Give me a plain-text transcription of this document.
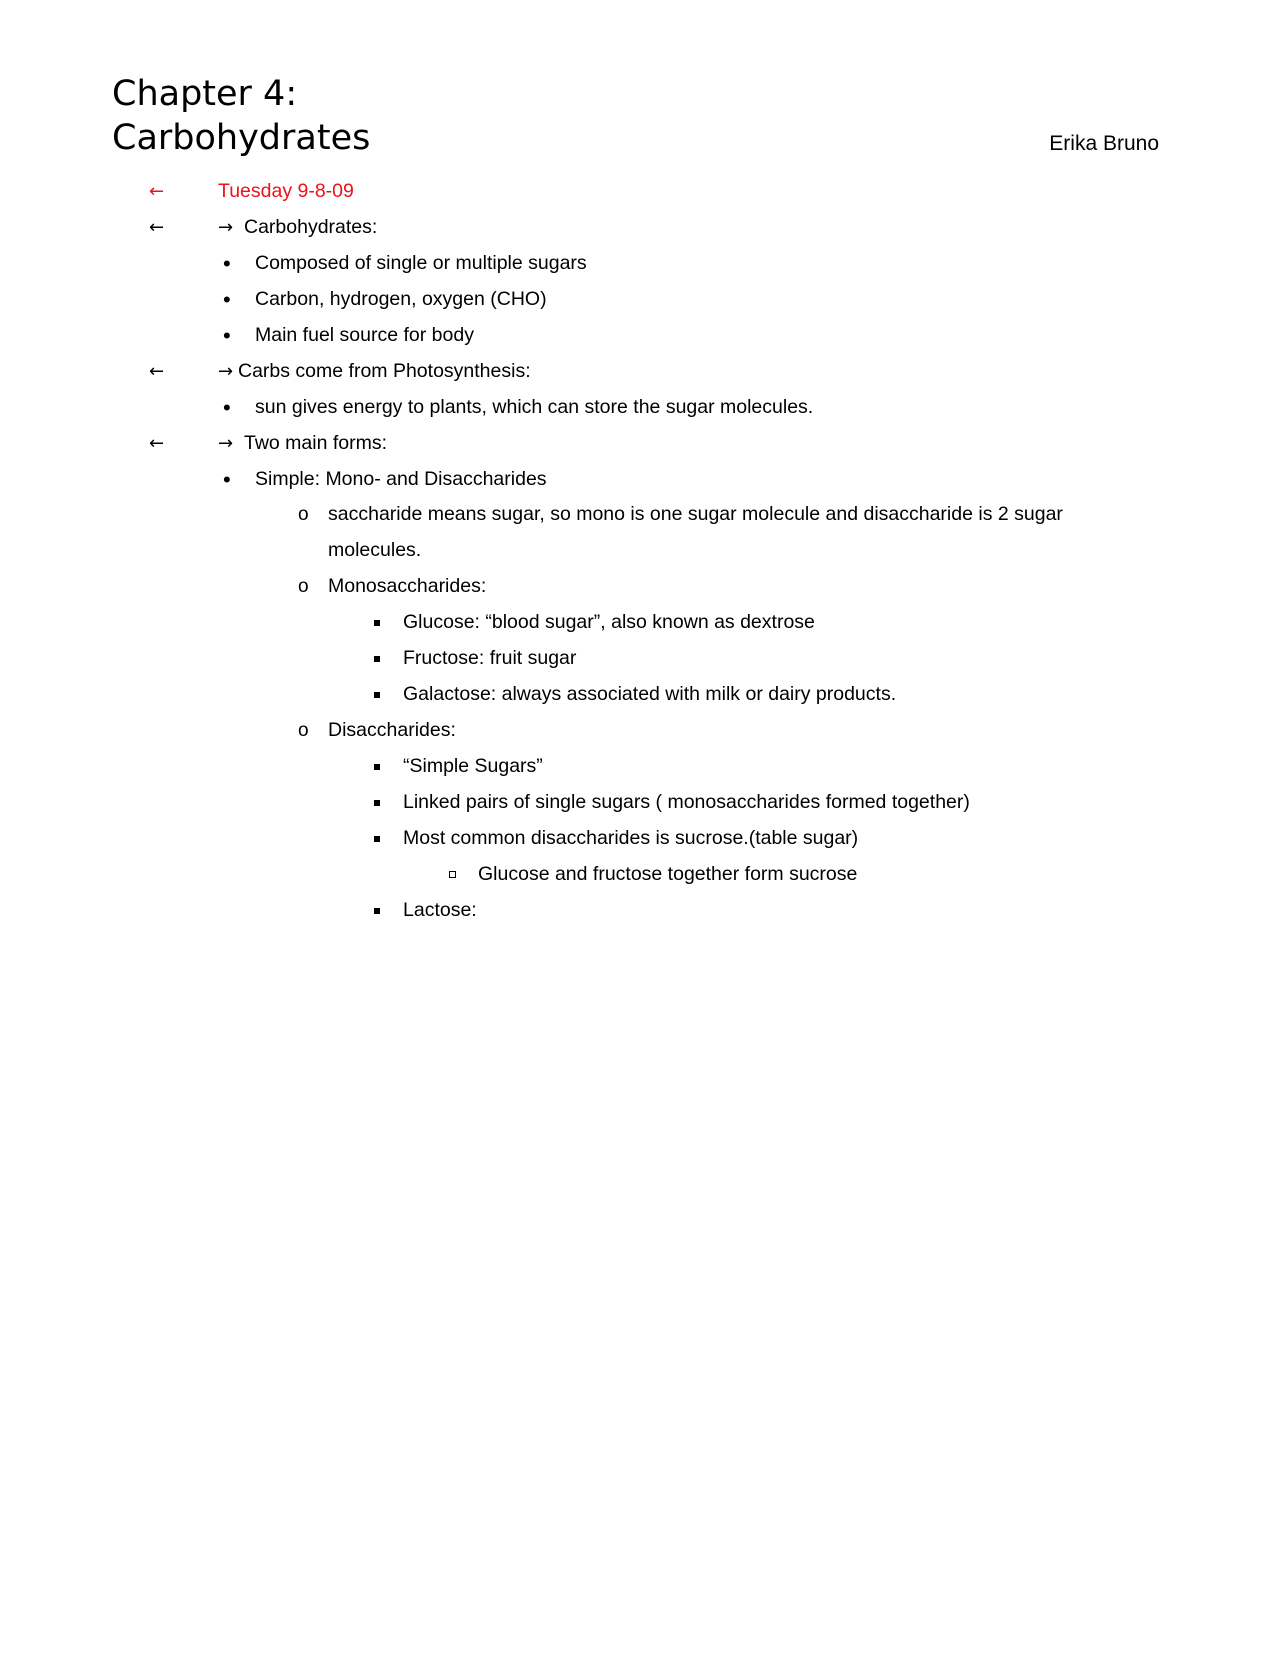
Chapter 4:
Carbohydrates	Erika Bruno
←	Tuesday 9-8-09
←	→ Carbohydrates:
• Composed of single or multiple sugars
• Carbon, hydrogen, oxygen (CHO)
• Main fuel source for body
←	→ Carbs come from Photosynthesis:
• sun gives energy to plants, which can store the sugar molecules.
←	→ Two main forms:
• Simple: Mono- and Disaccharides
o saccharide means sugar, so mono is one sugar molecule and disaccharide is 2 sugar
molecules.
o Monosaccharides:
Glucose: “blood sugar”, also known as dextrose
Fructose: fruit sugar
Galactose: always associated with milk or dairy products.
o Disaccharides:
“Simple Sugars”
Linked pairs of single sugars ( monosaccharides formed together)
Most common disaccharides is sucrose.(table sugar)
Glucose and fructose together form sucrose
Lactose:
